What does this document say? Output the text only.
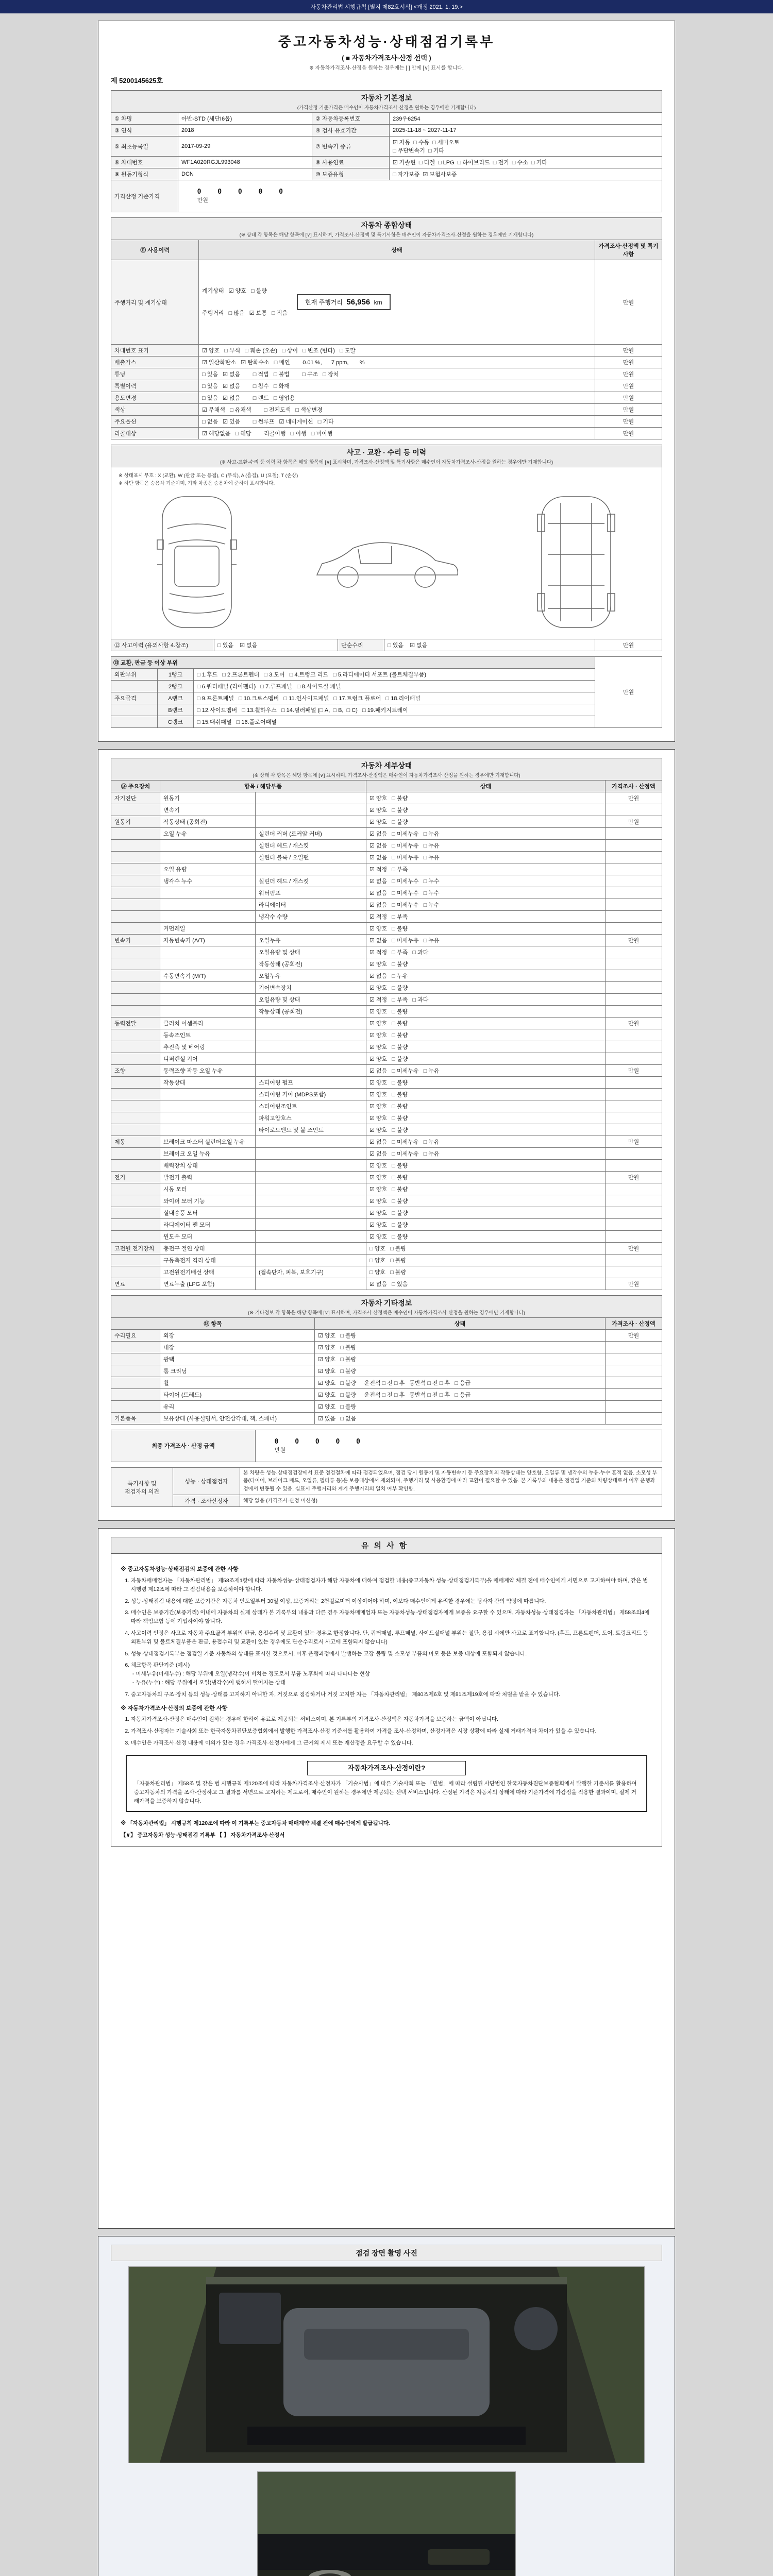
자동차관리법 시행규칙 [별지 제82호서식] <개정 2021. 1. 19.>
중고자동차성능·상태점검기록부
( ■ 자동차가격조사·산정 선택 )
※ 자동차가격조사·산정을 원하는 경우에는 [ ] 안에 [∨] 표시를 합니다.
제 5200145625호
자동차 기본정보
(가격산정 기준가격은 매수인이 자동차가격조사·산정을 원하는 경우에만 기재합니다)
① 차명	아반-STD (세단I6옵)	② 자동차등록번호	239우6254
③ 연식	2018	④ 검사 유효기간	2025-11-18 ~ 2027-11-17
⑤ 최초등록일	2017-09-29	⑦ 변속기 종류	☑ 자동  □ 수동  □ 세미오토
□ 무단변속기  □ 기타
⑥ 차대번호	WF1A020RGJL993048	⑧ 사용연료	☑ 가솔린  □ 디젤  □ LPG  □ 하이브리드  □ 전기  □ 수소  □ 기타
⑨ 원동기형식	DCN	⑩ 보증유형	□ 자가보증  ☑ 보험사보증
가격산정 기준가격	0 0 0 0 0
만원		

자동차 종합상태
(※ 상태 각 항목은 해당 항목에 [∨] 표시하며, 가격조사·산정액 및 특기사항은 매수인이 자동차가격조사·산정을 원하는 경우에만 기재합니다)
⑪ 사용이력	상태	가격조사·산정액 및 특기사항
주행거리 및 계기상태	계기상태   ☑ 양호   □ 불량

주행거리   □ 많음   ☑ 보통   □ 적음

현재 주행거리 56,956 km	만원
차대번호 표기	☑ 양호   □ 부식   □ 훼손 (오손)   □ 상이   □ 변조 (변타)   □ 도말	만원
배출가스	☑ 일산화탄소   ☑ 탄화수소   □ 매연        0.01 %,      7 ppm,       %	만원
튜닝	□ 있음   ☑ 없음        □ 적법   □ 불법        □ 구조   □ 장치	만원
특별이력	□ 있음   ☑ 없음        □ 침수   □ 화재	만원
용도변경	□ 있음   ☑ 없음        □ 렌트   □ 영업용	만원
색상	☑ 무채색   □ 유채색        □ 전체도색   □ 색상변경	만원
주요옵션	□ 없음   ☑ 있음        □ 썬루프   ☑ 네비게이션   □ 기타	만원
리콜대상	☑ 해당없음   □ 해당        리콜이행   □ 이행   □ 미이행	만원
사고 · 교환 · 수리 등 이력
(※ 사고·교환·수리 등 이력 각 항목은 해당 항목에 [∨] 표시하며, 가격조사·산정액 및 특기사항은 매수인이 자동차가격조사·산정을 원하는 경우에만 기재합니다)
※ 상태표시 부호 : X (교환), W (판금 또는 용접), C (부식), A (흠집), U (요철), T (손상)
※ 하단 항목은 승용차 기준이며, 기타 차종은 승용차에 준하여 표시합니다.
⑫ 사고이력 (유의사항 4.참조)	□ 있음    ☑ 없음	단순수리	□ 있음    ☑ 없음	만원
⑬ 교환, 판금 등 이상 부위			만원
외판부위	1랭크	□ 1.후드   □ 2.프론트펜더   □ 3.도어   □ 4.트렁크 리드   □ 5.라디에이터 서포트 (볼트체결부품)	
	2랭크	□ 6.쿼터패널 (리어펜더)   □ 7.루프패널   □ 8.사이드실 패널	
주요골격	A랭크	□ 9.프론트패널   □ 10.크로스멤버   □ 11.인사이드패널   □ 17.트렁크 플로어   □ 18.리어패널	
	B랭크	□ 12.사이드멤버   □ 13.휠하우스   □ 14.필러패널 (□ A,  □ B,  □ C)   □ 19.패키지트레이	
	C랭크	□ 15.대쉬패널   □ 16.플로어패널	
자동차 세부상태
(※ 상태 각 항목은 해당 항목에 [∨] 표시하며, 가격조사·산정액은 매수인이 자동차가격조사·산정을 원하는 경우에만 기재합니다)
⑭ 주요장치	항목 / 해당부품		상태	가격조사 · 산정액
자기진단	원동기		☑ 양호   □ 불량	만원
	변속기		☑ 양호   □ 불량	
원동기	작동상태 (공회전)		☑ 양호   □ 불량	만원
	오일 누유	실린더 커버 (로커암 커버)	☑ 없음   □ 미세누유   □ 누유	
		실린더 헤드 / 개스킷	☑ 없음   □ 미세누유   □ 누유	
		실린더 블록 / 오일팬	☑ 없음   □ 미세누유   □ 누유	
	오일 유량		☑ 적정   □ 부족	
	냉각수 누수	실린더 헤드 / 개스킷	☑ 없음   □ 미세누수   □ 누수	
		워터펌프	☑ 없음   □ 미세누수   □ 누수	
		라디에이터	☑ 없음   □ 미세누수   □ 누수	
		냉각수 수량	☑ 적정   □ 부족	
	커먼레일		☑ 양호   □ 불량	
변속기	자동변속기 (A/T)	오일누유	☑ 없음   □ 미세누유   □ 누유	만원
		오일유량 및 상태	☑ 적정   □ 부족   □ 과다	
		작동상태 (공회전)	☑ 양호   □ 불량	
	수동변속기 (M/T)	오일누유	☑ 없음   □ 누유	
		기어변속장치	☑ 양호   □ 불량	
		오일유량 및 상태	☑ 적정   □ 부족   □ 과다	
		작동상태 (공회전)	☑ 양호   □ 불량	
동력전달	클러치 어셈블리		☑ 양호   □ 불량	만원
	등속조인트		☑ 양호   □ 불량	
	추진축 및 베어링		☑ 양호   □ 불량	
	디퍼렌셜 기어		☑ 양호   □ 불량	
조향	동력조향 작동 오일 누유		☑ 없음   □ 미세누유   □ 누유	만원
	작동상태	스티어링 펌프	☑ 양호   □ 불량	
		스티어링 기어 (MDPS포함)	☑ 양호   □ 불량	
		스티어링조인트	☑ 양호   □ 불량	
		파워고압호스	☑ 양호   □ 불량	
		타이로드엔드 및 볼 조인트	☑ 양호   □ 불량	
제동	브레이크 마스터 실린더오일 누유		☑ 없음   □ 미세누유   □ 누유	만원
	브레이크 오일 누유		☑ 없음   □ 미세누유   □ 누유	
	배력장치 상태		☑ 양호   □ 불량	
전기	발전기 출력		☑ 양호   □ 불량	만원
	시동 모터		☑ 양호   □ 불량	
	와이퍼 모터 기능		☑ 양호   □ 불량	
	실내송풍 모터		☑ 양호   □ 불량	
	라디에이터 팬 모터		☑ 양호   □ 불량	
	윈도우 모터		☑ 양호   □ 불량	
고전원 전기장치	충전구 절연 상태		□ 양호   □ 불량	만원
	구동축전지 격리 상태		□ 양호   □ 불량	
	고전원전기배선 상태	(접속단자, 피복, 보호기구)	□ 양호   □ 불량	
연료	연료누출 (LPG 포함)		☑ 없음   □ 있음	만원
자동차 기타정보
(※ 기타정보 각 항목은 해당 항목에 [∨] 표시하며, 가격조사·산정액은 매수인이 자동차가격조사·산정을 원하는 경우에만 기재합니다)
⑮ 항목		상태	가격조사 · 산정액
수리필요	외장	☑ 양호   □ 불량	만원
	내장	☑ 양호   □ 불량	
	광택	☑ 양호   □ 불량	
	룸 크리닝	☑ 양호   □ 불량	
	휠	☑ 양호   □ 불량     운전석 □ 전 □ 후   동반석 □ 전 □ 후   □ 응급	
	타이어 (트레드)	☑ 양호   □ 불량     운전석 □ 전 □ 후   동반석 □ 전 □ 후   □ 응급	
	유리	☑ 양호   □ 불량	
기본품목	보유상태 (사용설명서, 안전삼각대, 잭, 스패너)	☑ 있음   □ 없음	
최종 가격조사 · 산정 금액	
0 0 0 0 0
만원

특기사항 및
점검자의 의견	성능 · 상태점검자	본 차량은 성능·상태점검장에서 표준 점검절차에 따라 점검되었으며, 점검 당시 원동기 및 자동변속기 등 주요장치의 작동상태는 양호함. 오일류 및 냉각수의 누유·누수 흔적 없음. 소모성 부품(타이어, 브레이크 패드, 오일류, 필터류 등)은 보증대상에서 제외되며, 주행거리 및 사용환경에 따라 교환이 필요할 수 있음. 본 기록부의 내용은 점검일 기준의 차량상태로서 이후 운행과정에서 변동될 수 있음. 실표시 주행거리와 계기 주행거리의 일치 여부 확인함.
	가격 · 조사산정자	해당 없음 (가격조사·산정 미신청)
유의사항
※ 중고자동차성능·상태점검의 보증에 관한 사항
1. 자동차매매업자는 「자동차관리법」 제58조제1항에 따라 자동차성능·상태점검자가 해당 자동차에 대하여 점검한 내용(중고자동차 성능·상태점검기록부)을 매매계약 체결 전에 매수인에게 서면으로 고지하여야 하며, 같은 법 시행령 제12조에 따라 그 점검내용을 보증하여야 합니다.
2. 성능·상태점검 내용에 대한 보증기간은 자동차 인도일부터 30일 이상, 보증거리는 2천킬로미터 이상이어야 하며, 이보다 매수인에게 유리한 경우에는 당사자 간의 약정에 따릅니다.
3. 매수인은 보증기간(보증거리) 이내에 자동차의 실제 상태가 본 기록부의 내용과 다른 경우 자동차매매업자 또는 자동차성능·상태점검자에게 보증을 요구할 수 있으며, 자동차성능·상태점검자는 「자동차관리법」 제58조의4에 따라 책임보험 등에 가입하여야 합니다.
4. 사고이력 인정은 사고로 자동차 주요골격 부위의 판금, 용접수리 및 교환이 있는 경우로 한정합니다. 단, 쿼터패널, 루프패널, 사이드실패널 부위는 절단, 용접 시에만 사고로 표기합니다. (후드, 프론트펜더, 도어, 트렁크리드 등 외판부위 및 볼트체결부품은 판금, 용접수리 및 교환이 있는 경우에도 단순수리로서 사고에 포함되지 않습니다)
5. 성능·상태점검기록부는 점검일 기준 자동차의 상태를 표시한 것으로서, 이후 운행과정에서 발생하는 고장·불량 및 소모성 부품의 마모 등은 보증 대상에 포함되지 않습니다.
6. 체크항목 판단기준 (예시)
- 미세누유(미세누수) : 해당 부위에 오일(냉각수)이 비치는 정도로서 부품 노후화에 따라 나타나는 현상
- 누유(누수) : 해당 부위에서 오일(냉각수)이 맺혀서 떨어지는 상태
7. 중고자동차의 구조·장치 등의 성능·상태를 고지하지 아니한 자, 거짓으로 점검하거나 거짓 고지한 자는 「자동차관리법」 제80조제6호 및 제81조제19호에 따라 처벌을 받을 수 있습니다.
※ 자동차가격조사·산정의 보증에 관한 사항
1. 자동차가격조사·산정은 매수인이 원하는 경우에 한하여 유료로 제공되는 서비스이며, 본 기록부의 가격조사·산정액은 자동차가격을 보증하는 금액이 아닙니다.
2. 가격조사·산정자는 기술사회 또는 한국자동차진단보증협회에서 발행한 가격조사·산정 기준서를 활용하여 가격을 조사·산정하며, 산정가격은 시장 상황에 따라 실제 거래가격과 차이가 있을 수 있습니다.
3. 매수인은 가격조사·산정 내용에 이의가 있는 경우 가격조사·산정자에게 그 근거의 제시 또는 재산정을 요구할 수 있습니다.
자동차가격조사·산정이란?
「자동차관리법」 제58조 및 같은 법 시행규칙 제120조에 따라 자동차가격조사·산정자가 「기술사법」에 따른 기술사회 또는 「민법」에 따라 설립된 사단법인 한국자동차진단보증협회에서 발행한 기준서를 활용하여 중고자동차의 가격을 조사·산정하고 그 결과를 서면으로 고지하는 제도로서, 매수인이 원하는 경우에만 제공되는 선택 서비스입니다. 산정된 가격은 자동차의 상태에 따라 기준가격에 가감점을 적용한 결과이며, 실제 거래가격을 보증하지 않습니다.
※ 「자동차관리법」 시행규칙 제120조에 따라 이 기록부는 중고자동차 매매계약 체결 전에 매수인에게 발급됩니다.
【∨】 중고자동차 성능·상태점검 기록부 【 】 자동차가격조사·산정서
점검 장면 촬영 사진
